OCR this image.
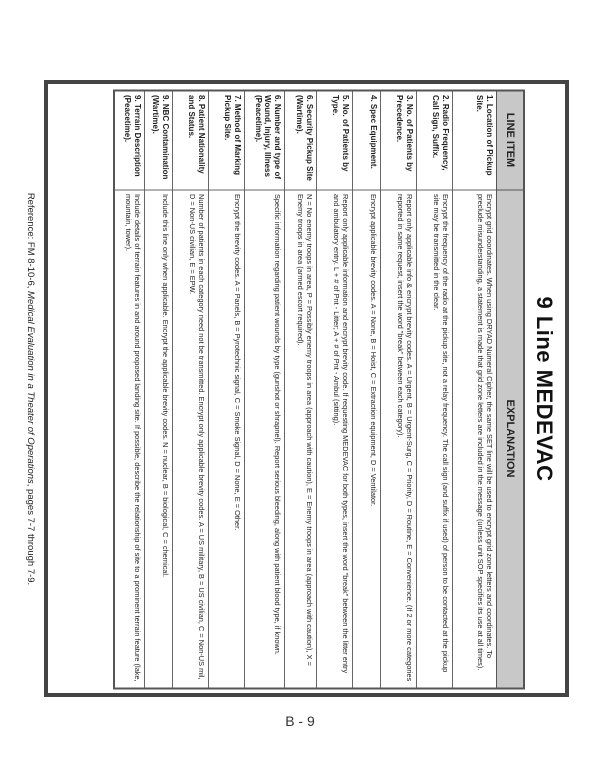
9 Line MEDEVAC
LINE ITEM	EXPLANATION
1. Location of Pickup Site.	Encrypt grid coordinates. When using DRYAD Numeral Cipher, the same SET line will be used to encrypt grid zone letters and coordinates. To preclude misunderstanding, a statement is made that grid zone letters are included in the message (unless unit SOP specifies its use at all times).
2. Radio Frequency, Call Sign, Suffix.	Encrypt the frequency of the radio at the pickup site, not a relay frequency. The call sign (and suffix if used) of person to be contacted at the pickup site may be transmitted in the clear.
3. No. of Patients by Precedence.	Report only applicable info & encrypt brevity codes. A = Urgent, B = Urgent-Surg, C = Priority, D = Routine, E = Convenience. (If 2 or more categories reported in same request, insert the word "break" between each category).
4. Spec Equipment.	Encrypt applicable brevity codes. A = None, B = Hoist, C = Extraction equipment, D = Ventilator.
5. No. of Patients by Type.	Report only applicable information and encrypt brevity code. If requesting MEDEVAC for both types, insert the word "break" between the litter entry and ambulatory entry. L + # of Pnt - Litter; A + # of Pnt - Ambul (sitting).
6. Security Pickup Site (Wartime).	N = No enemy troops in area, P = Possibly enemy troops in area (approach with caution), E = Enemy troops in area (approach with caution), X = Enemy troops in area (armed escort required).
6. Number and type of Wound, Injury, Illness (Peacetime).	Specific information regarding patient wounds by type (gunshot or shrapnel). Report serious bleeding, along with patient blood type, if known.
7. Method of Marking Pickup Site.	Encrypt the brevity codes. A = Panels, B = Pyrotechnic signal, C = Smoke Signal, D = None, E = Other.
8. Patient Nationality and Status.	Number of patients in each category need not be transmitted. Encrypt only applicable brevity codes. A = US military, B = US civilian, C = Non-US mil, D = Non-US civilian, E = EPW.
9. NBC Contamination (Wartime).	Include this line only when applicable. Encrypt the applicable brevity codes. N = nuclear, B = biological, C = chemical.
9. Terrain Description (Peacetime).	Include details of terrain features in and around proposed landing site. If possible, describe the relationship of site to a prominent terrain feature (lake, mountain, tower).
Reference: FM 8-10-6, Medical Evaluation in a Theater of Operations, pages 7-7 through 7-9.
B - 9
